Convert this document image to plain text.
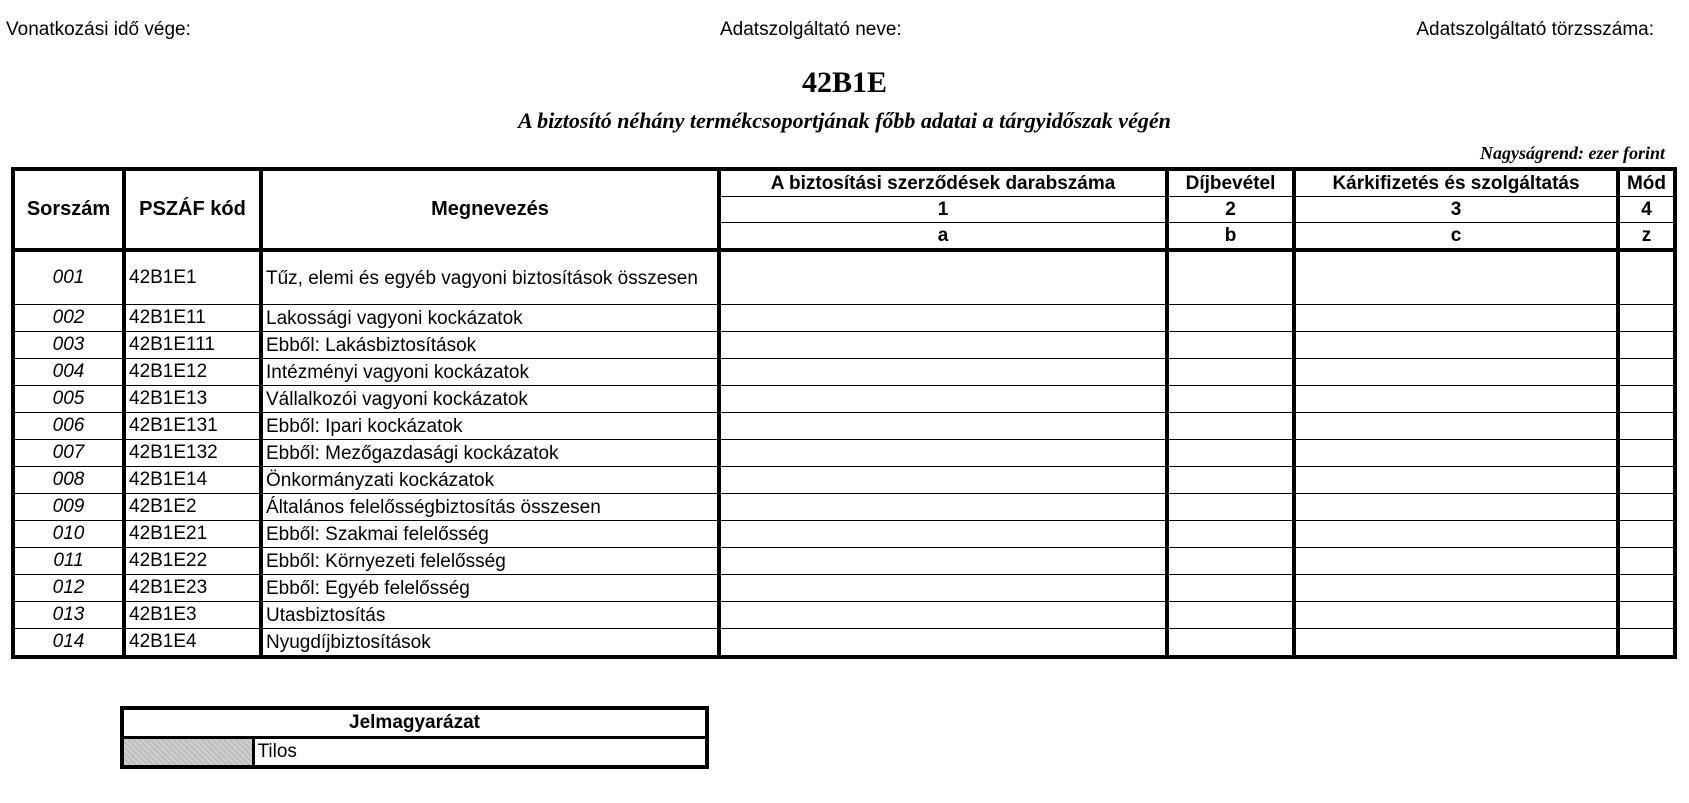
Vonatkozási idő vége:	Adatszolgáltató neve:	Adatszolgáltató törzsszáma:
42B1E
A biztosító néhány termékcsoportjának főbb adatai a tárgyidőszak végén
Nagyságrend: ezer forint
Sorszám	PSZÁF kód	Megnevezés	A biztosítási szerződések darabszáma	Díjbevétel	Kárkifizetés és szolgáltatás	Mód
			1	2	3	4
			a	b	c	z
001	42B1E1	Tűz, elemi és egyéb vagyoni biztosítások összesen				
002	42B1E11	Lakossági vagyoni kockázatok				
003	42B1E111	Ebből: Lakásbiztosítások				
004	42B1E12	Intézményi vagyoni kockázatok				
005	42B1E13	Vállalkozói vagyoni kockázatok				
006	42B1E131	Ebből: Ipari kockázatok				
007	42B1E132	Ebből: Mezőgazdasági kockázatok				
008	42B1E14	Önkormányzati kockázatok				
009	42B1E2	Általános felelősségbiztosítás összesen				
010	42B1E21	Ebből: Szakmai felelősség				
011	42B1E22	Ebből: Környezeti felelősség				
012	42B1E23	Ebből: Egyéb felelősség				
013	42B1E3	Utasbiztosítás				
014	42B1E4	Nyugdíjbiztosítások				
Jelmagyarázat
	Tilos
